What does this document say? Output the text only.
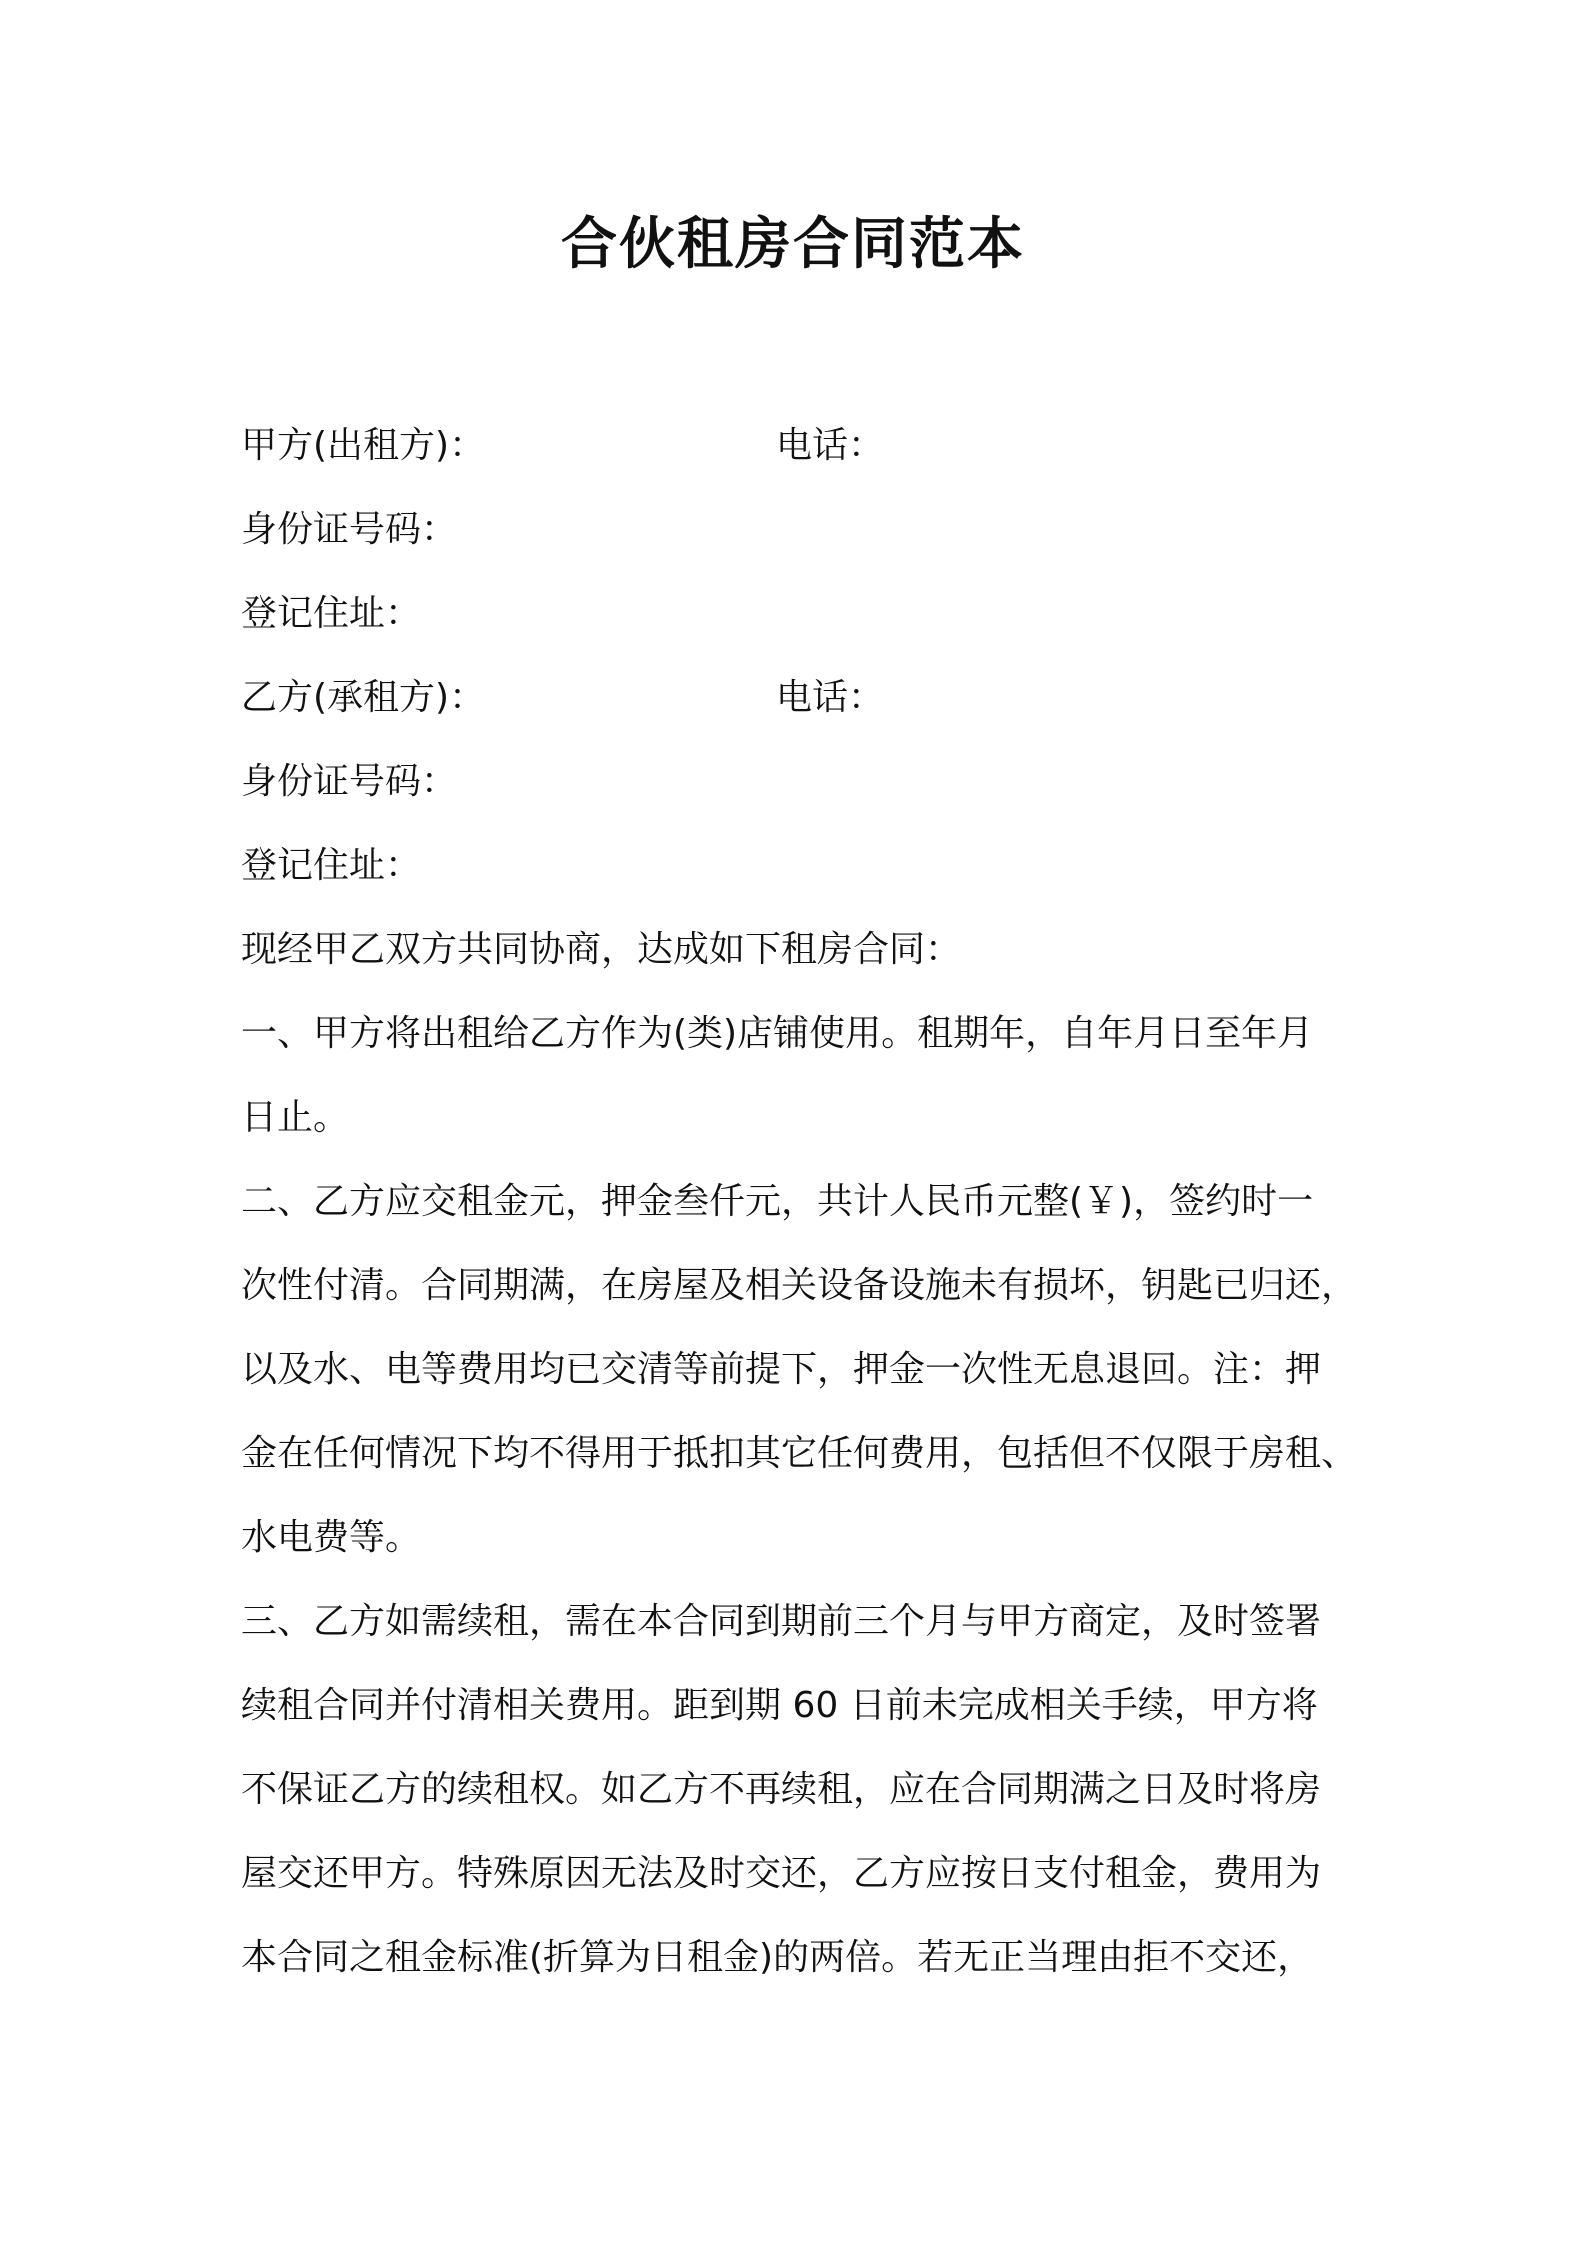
合伙租房合同范本
甲方(出租方)：	电话：
身份证号码：
登记住址：
乙方(承租方)：	电话：
身份证号码：
登记住址：
现经甲乙双方共同协商，达成如下租房合同：
一、甲方将出租给乙方作为(类)店铺使用。租期年，自年月日至年月
日止。
二、乙方应交租金元，押金叁仟元，共计人民币元整(￥)，签约时一
次性付清。合同期满，在房屋及相关设备设施未有损坏，钥匙已归还，
以及水、电等费用均已交清等前提下，押金一次性无息退回。注：押
金在任何情况下均不得用于抵扣其它任何费用，包括但不仅限于房租、
水电费等。
三、乙方如需续租，需在本合同到期前三个月与甲方商定，及时签署
续租合同并付清相关费用。距到期 60 日前未完成相关手续，甲方将
不保证乙方的续租权。如乙方不再续租，应在合同期满之日及时将房
屋交还甲方。特殊原因无法及时交还，乙方应按日支付租金，费用为
本合同之租金标准(折算为日租金)的两倍。若无正当理由拒不交还，
